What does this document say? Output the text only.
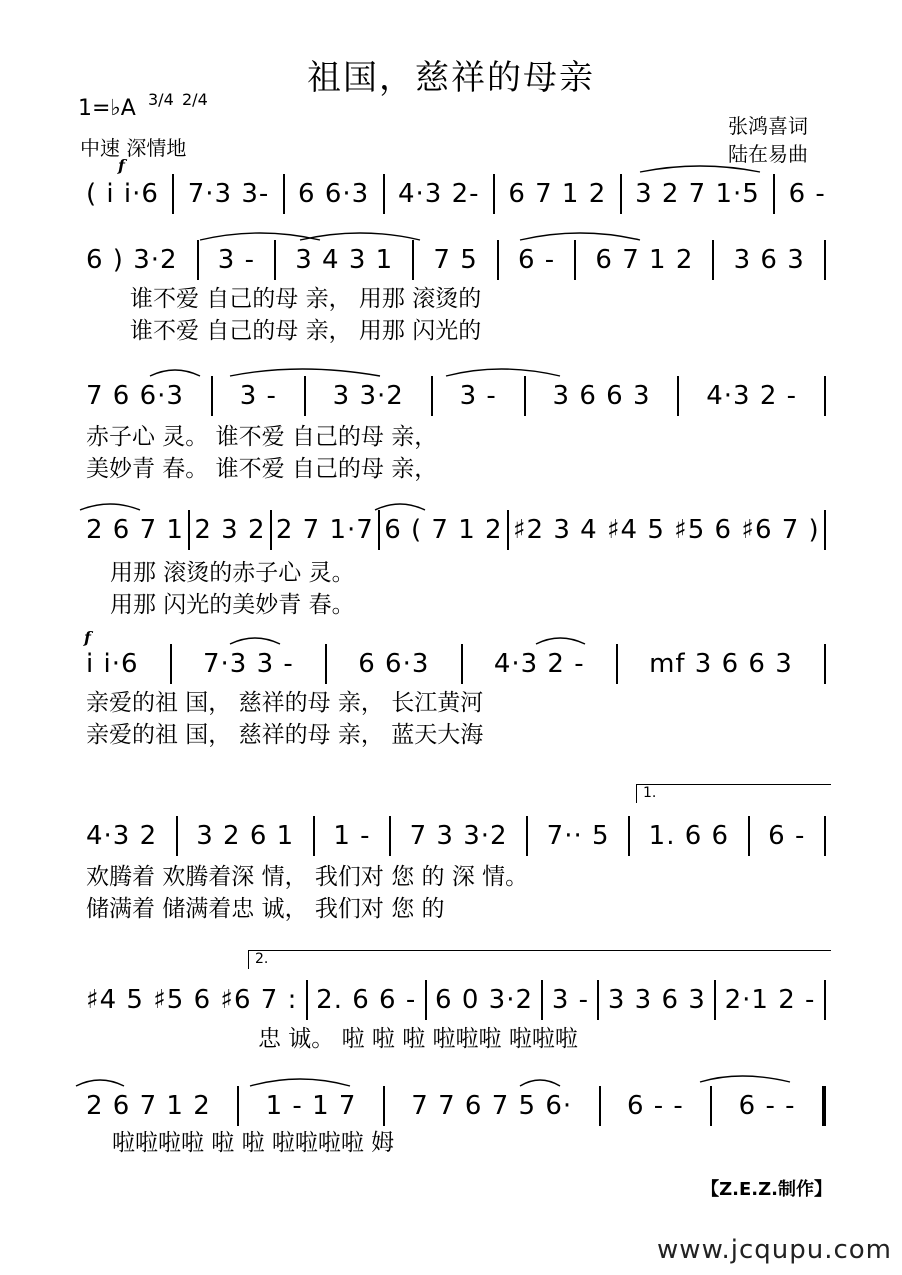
祖国，慈祥的母亲
1=♭A 3/4 2/4
中速 深情地
张鸿喜词
陆在易曲
f
( i i·6 7·3 3- 6 6·3 4·3 2- 6 7 1 2 3 2 7 1·5 6 -
6 ) 3·2 3 - 3 4 3 1 7 5 6 - 6 7 1 2 3 6 3
谁不爱 自己的母 亲， 用那 滚烫的
谁不爱 自己的母 亲， 用那 闪光的
7 6 6·3 3 - 3 3·2 3 - 3 6 6 3 4·3 2 -
赤子心 灵。 谁不爱 自己的母 亲，
美妙青 春。 谁不爱 自己的母 亲，
2 6 7 1 2 3 2 2 7 1·7 6 ( 7 1 2 ♯2 3 4 ♯4 5 ♯5 6 ♯6 7 )
用那 滚烫的赤子心 灵。
用那 闪光的美妙青 春。
f
i i·6 7·3 3 - 6 6·3 4·3 2 - mf 3 6 6 3
亲爱的祖 国， 慈祥的母 亲， 长江黄河
亲爱的祖 国， 慈祥的母 亲， 蓝天大海
1.
4·3 2 3 2 6 1 1 - 7 3 3·2 7·· 5 1. 6 6 6 -
欢腾着 欢腾着深 情， 我们对 您 的 深 情。
储满着 储满着忠 诚， 我们对 您 的
2.
♯4 5 ♯5 6 ♯6 7 : 2. 6 6 - 6 0 3·2 3 - 3 3 6 3 2·1 2 -
忠 诚。 啦 啦 啦 啦啦啦 啦啦啦
2 6 7 1 2 1 - 1 7 7 7 6 7 5 6· 6 - - 6 - -
啦啦啦啦 啦 啦 啦啦啦啦 姆
【Z.E.Z.制作】
www.jcqupu.com
